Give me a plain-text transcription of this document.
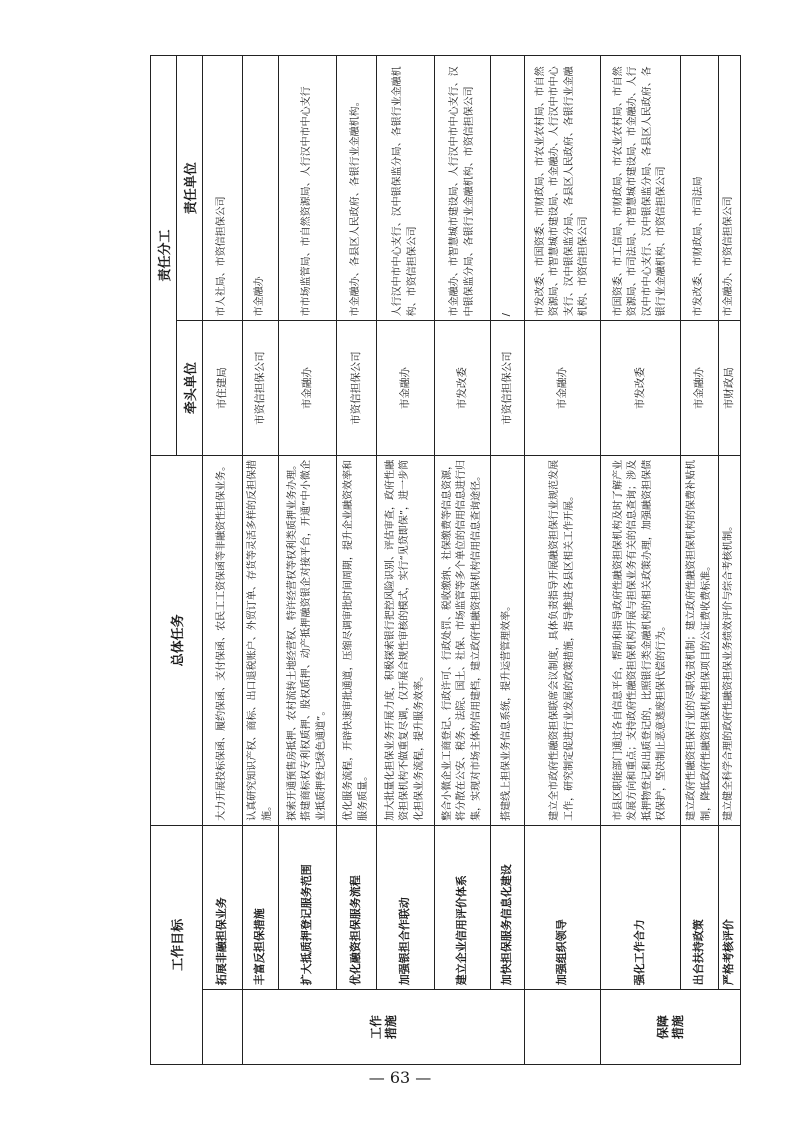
工作目标		总体任务	责任分工	
			牵头单位	责任单位
	拓展非融担保业务	大力开展投标保函、履约保函、支付保函、农民工工资保函等非融资性担保业务。	市住建局	市人社局、市资信担保公司
工作
措施	丰富反担保措施	认真研究知识产权、商标、出口退税账户、外贸订单、存货等灵活多样的反担保措施。	市资信担保公司	市金融办
	扩大抵质押登记服务范围	探索开通预售房抵押、农村流转土地经营权、特许经营权等权利类质押业务办理。搭建商标权专利权质押、股权质押、动产抵押融资银企对接平台，开通“中小微企业抵质押登记绿色通道”。	市金融办	市市场监管局、市自然资源局、人行汉中市中心支行
	优化融资担保服务流程	优化服务流程，开辟快速审批通道，压缩尽调审批时间周期，提升企业融资效率和服务质量。	市资信担保公司	市金融办、各县区人民政府、各银行业金融机构。
	加强银担合作联动	加大批量化担保业务开展力度，积极探索银行把控风险识别、评估审查，政府性融资担保机构不做重复尽调，仅开展合规性审核的模式，实行“见贷即保”，进一步简化担保业务流程，提升服务效率。	市金融办	人行汉中市中心支行、汉中银保监分局、各银行业金融机构、市资信担保公司
	建立企业信用评价体系	整合小微企业工商登记、行政许可、行政处罚、税收缴纳、社保缴费等信息资源，将分散在公安、税务、法院、国土、社保、市场监管等多个单位的信用信息进行归集，实现对市场主体的信用建档，建立政府性融资担保机构信用信息查询途径。	市发改委	市金融办、市智慧城市建设局、人行汉中市中心支行、汉中银保监分局、各银行业金融机构、市资信担保公司
	加快担保服务信息化建设	搭建线上担保业务信息系统，提升运营管理效率。	市资信担保公司	/
	加强组织领导	建立全市政府性融资担保联席会议制度，具体负责指导开展融资担保行业规范发展工作，研究制定促进行业发展的政策措施，指导推进各县区相关工作开展。	市金融办	市发改委、市国资委、市财政局、市农业农村局、市自然资源局、市智慧城市建设局、市金融办、人行汉中市中心支行、汉中银保监分局、各县区人民政府、各银行业金融机构、市资信担保公司
保障
措施	强化工作合力	市县区职能部门通过各自信息平台，帮助和指导政府性融资担保机构及时了解产业发展方向和重点；支持政府性融资担保机构开展与担保业务有关的信息查询；涉及抵押物登记和出质登记的，比照银行类金融机构的相关政策办理，加强融资担保债权保护，坚决制止恶意逃废担保代偿的行为。	市发改委	市国资委、市工信局、市财政局、市农业农村局、市自然资源局、市司法局、市智慧城市建设局、市金融办、人行汉中市中心支行、汉中银保监分局、各县区人民政府、各银行业金融机构、市资信担保公司
	出台扶持政策	建立政府性融资担保行业的尽职免责机制；建立政府性融资担保机构的保费补贴机制，降低政府性融资担保机构担保项目的公证费收费标准。	市金融办	市发改委、市财政局、市司法局
	严格考核评价	建立健全科学合理的政府性融资担保业务绩效评价与综合考核机制。	市财政局	市金融办、市资信担保公司
— 63 —
